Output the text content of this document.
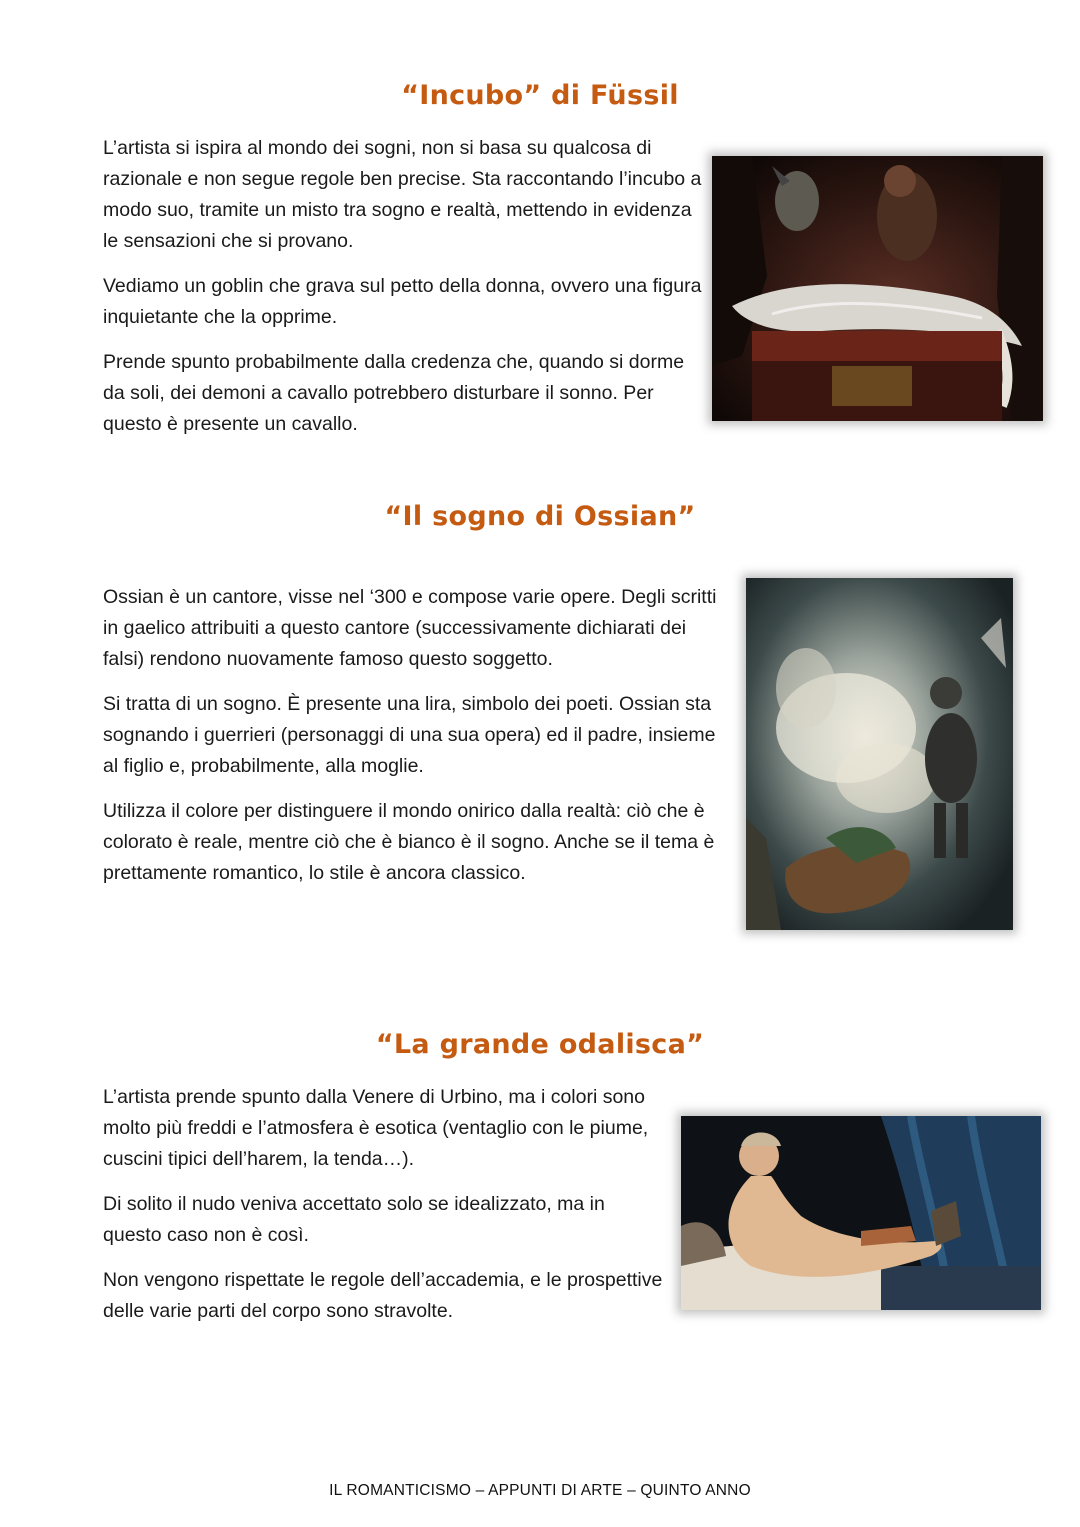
“Incubo” di Füssil

L’artista si ispira al mondo dei sogni, non si basa su qualcosa di razionale e non segue regole ben precise. Sta raccontando l’incubo a modo suo, tramite un misto tra sogno e realtà, mettendo in evidenza le sensazioni che si provano.

Vediamo un goblin che grava sul petto della donna, ovvero una figura inquietante che la opprime.

Prende spunto probabilmente dalla credenza che, quando si dorme da soli, dei demoni a cavallo potrebbero disturbare il sonno. Per questo è presente un cavallo.

“Il sogno di Ossian”

Ossian è un cantore, visse nel ‘300 e compose varie opere. Degli scritti in gaelico attribuiti a questo cantore (successivamente dichiarati dei falsi) rendono nuovamente famoso questo soggetto.

Si tratta di un sogno. È presente una lira, simbolo dei poeti. Ossian sta sognando i guerrieri (personaggi di una sua opera) ed il padre, insieme al figlio e, probabilmente, alla moglie.

Utilizza il colore per distinguere il mondo onirico dalla realtà: ciò che è colorato è reale, mentre ciò che è bianco è il sogno. Anche se il tema è prettamente romantico, lo stile è ancora classico.

“La grande odalisca”

L’artista prende spunto dalla Venere di Urbino, ma i colori sono molto più freddi e l’atmosfera è esotica (ventaglio con le piume, cuscini tipici dell’harem, la tenda…).

Di solito il nudo veniva accettato solo se idealizzato, ma in questo caso non è così.

Non vengono rispettate le regole dell’accademia, e le prospettive delle varie parti del corpo sono stravolte.

IL ROMANTICISMO – APPUNTI DI ARTE – QUINTO ANNO
